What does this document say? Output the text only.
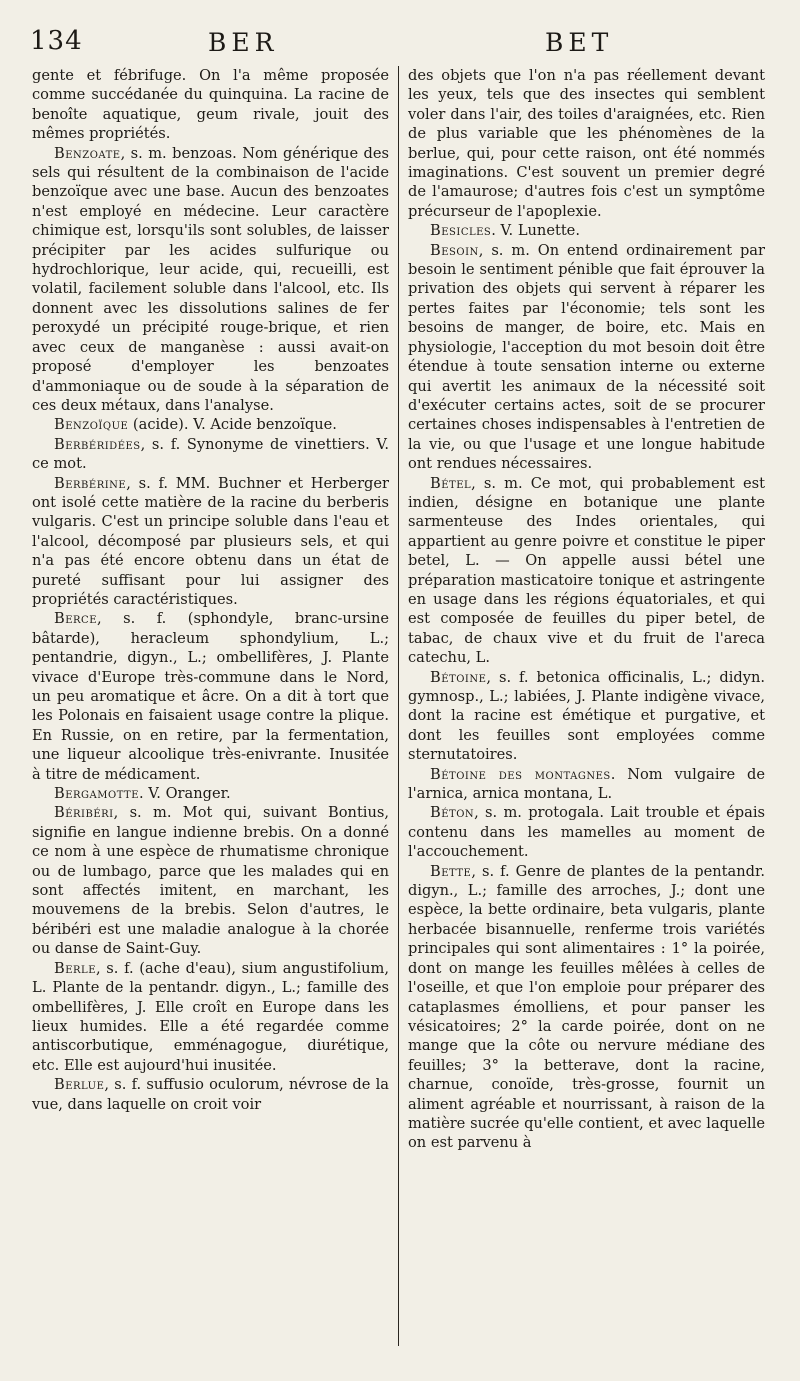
134	BER	BET

gente et fébrifuge. On l'a même proposée comme succédanée du quinquina. La racine de benoîte aquatique, geum rivale, jouit des mêmes propriétés.

Benzoate, s. m. benzoas. Nom générique des sels qui résultent de la combinaison de l'acide benzoïque avec une base. Aucun des benzoates n'est employé en médecine. Leur caractère chimique est, lorsqu'ils sont solubles, de laisser précipiter par les acides sulfurique ou hydrochlorique, leur acide, qui, recueilli, est volatil, facilement soluble dans l'alcool, etc. Ils donnent avec les dissolutions salines de fer peroxydé un précipité rouge-brique, et rien avec ceux de manganèse : aussi avait-on proposé d'employer les benzoates d'ammoniaque ou de soude à la séparation de ces deux métaux, dans l'analyse.

Benzoïque (acide). V. Acide benzoïque.

Berbéridées, s. f. Synonyme de vinettiers. V. ce mot.

Berbérine, s. f. MM. Buchner et Herberger ont isolé cette matière de la racine du berberis vulgaris. C'est un principe soluble dans l'eau et l'alcool, décomposé par plusieurs sels, et qui n'a pas été encore obtenu dans un état de pureté suffisant pour lui assigner des propriétés caractéristiques.

Berce, s. f. (sphondyle, branc-ursine bâtarde), heracleum sphondylium, L.; pentandrie, digyn., L.; ombellifères, J. Plante vivace d'Europe très-commune dans le Nord, un peu aromatique et âcre. On a dit à tort que les Polonais en faisaient usage contre la plique. En Russie, on en retire, par la fermentation, une liqueur alcoolique très-enivrante. Inusitée à titre de médicament.

Bergamotte. V. Oranger.

Béribéri, s. m. Mot qui, suivant Bontius, signifie en langue indienne brebis. On a donné ce nom à une espèce de rhumatisme chronique ou de lumbago, parce que les malades qui en sont affectés imitent, en marchant, les mouvemens de la brebis. Selon d'autres, le béribéri est une maladie analogue à la chorée ou danse de Saint-Guy.

Berle, s. f. (ache d'eau), sium angustifolium, L. Plante de la pentandr. digyn., L.; famille des ombellifères, J. Elle croît en Europe dans les lieux humides. Elle a été regardée comme antiscorbutique, emménagogue, diurétique, etc. Elle est aujourd'hui inusitée.

Berlue, s. f. suffusio oculorum, névrose de la vue, dans laquelle on croit voir

des objets que l'on n'a pas réellement devant les yeux, tels que des insectes qui semblent voler dans l'air, des toiles d'araignées, etc. Rien de plus variable que les phénomènes de la berlue, qui, pour cette raison, ont été nommés imaginations. C'est souvent un premier degré de l'amaurose; d'autres fois c'est un symptôme précurseur de l'apoplexie.

Besicles. V. Lunette.

Besoin, s. m. On entend ordinairement par besoin le sentiment pénible que fait éprouver la privation des objets qui servent à réparer les pertes faites par l'économie; tels sont les besoins de manger, de boire, etc. Mais en physiologie, l'acception du mot besoin doit être étendue à toute sensation interne ou externe qui avertit les animaux de la nécessité soit d'exécuter certains actes, soit de se procurer certaines choses indispensables à l'entretien de la vie, ou que l'usage et une longue habitude ont rendues nécessaires.

Bétel, s. m. Ce mot, qui probablement est indien, désigne en botanique une plante sarmenteuse des Indes orientales, qui appartient au genre poivre et constitue le piper betel, L. — On appelle aussi bétel une préparation masticatoire tonique et astringente en usage dans les régions équatoriales, et qui est composée de feuilles du piper betel, de tabac, de chaux vive et du fruit de l'areca catechu, L.

Bétoine, s. f. betonica officinalis, L.; didyn. gymnosp., L.; labiées, J. Plante indigène vivace, dont la racine est émétique et purgative, et dont les feuilles sont employées comme sternutatoires.

Bétoine des montagnes. Nom vulgaire de l'arnica, arnica montana, L.

Béton, s. m. protogala. Lait trouble et épais contenu dans les mamelles au moment de l'accouchement.

Bette, s. f. Genre de plantes de la pentandr. digyn., L.; famille des arroches, J.; dont une espèce, la bette ordinaire, beta vulgaris, plante herbacée bisannuelle, renferme trois variétés principales qui sont alimentaires : 1° la poirée, dont on mange les feuilles mêlées à celles de l'oseille, et que l'on emploie pour préparer des cataplasmes émolliens, et pour panser les vésicatoires; 2° la carde poirée, dont on ne mange que la côte ou nervure médiane des feuilles; 3° la betterave, dont la racine, charnue, conoïde, très-grosse, fournit un aliment agréable et nourrissant, à raison de la matière sucrée qu'elle contient, et avec laquelle on est parvenu à
